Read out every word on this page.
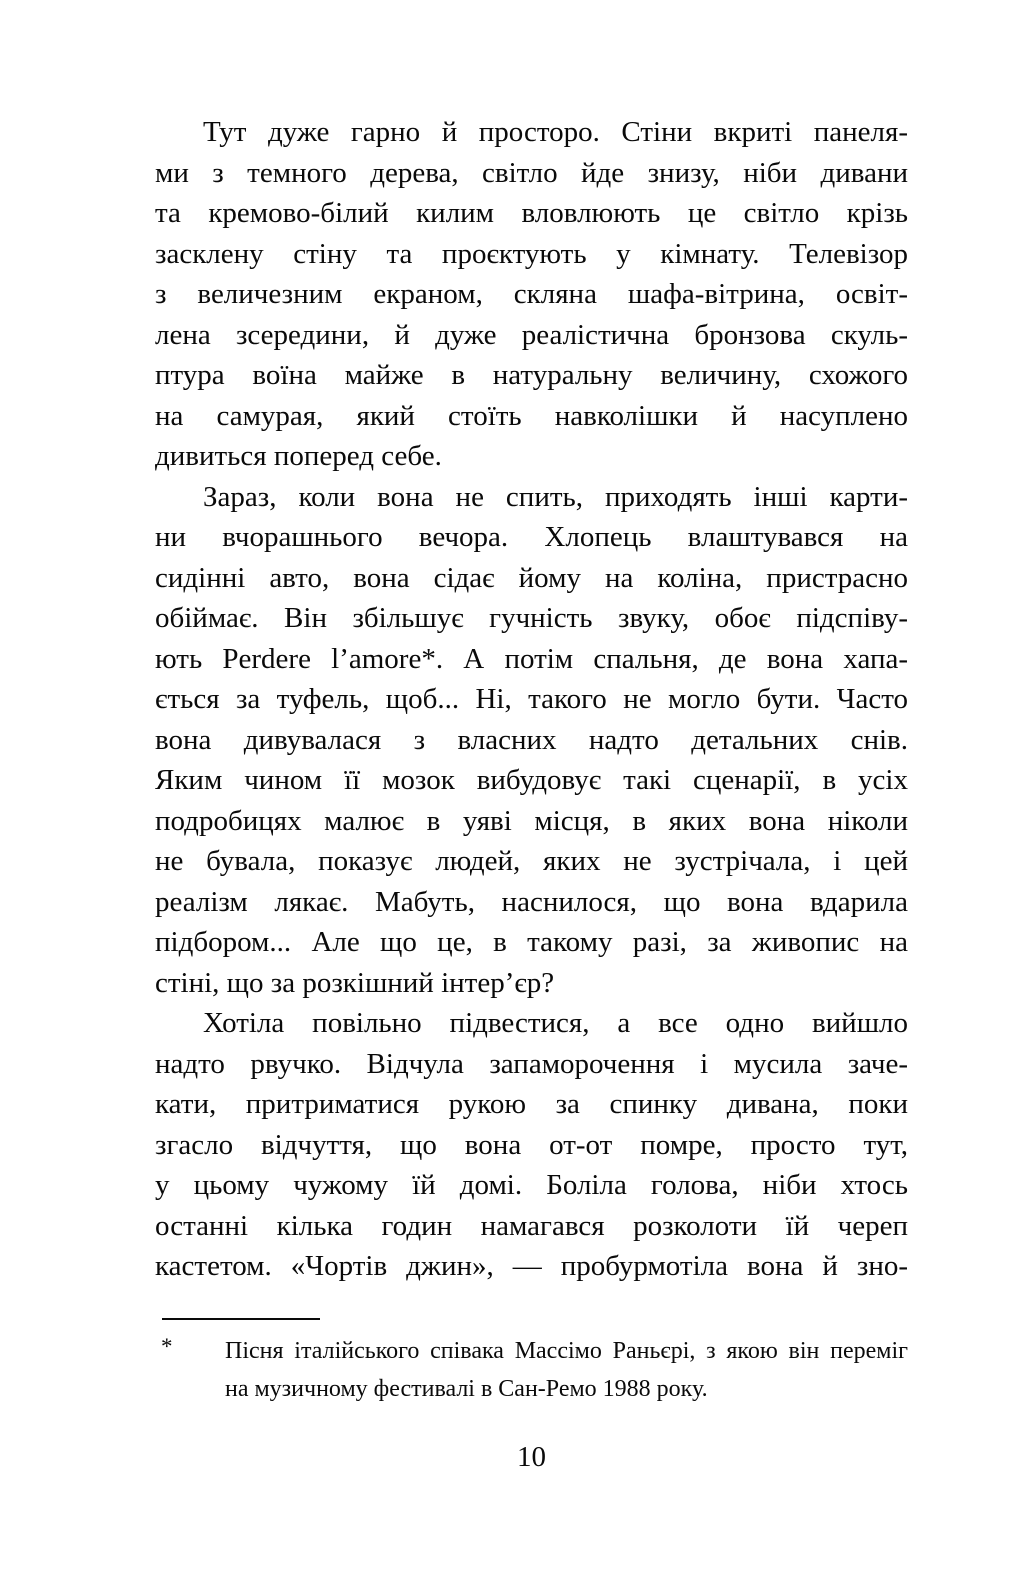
Тут дуже гарно й просторо. Стіни вкриті панеля-
ми з темного дерева, світло йде знизу, ніби дивани
та кремово-білий килим вловлюють це світло крізь
засклену стіну та проєктують у кімнату. Телевізор
з величезним екраном, скляна шафа-вітрина, освіт-
лена зсередини, й дуже реалістична бронзова скуль-
птура воїна майже в натуральну величину, схожого
на самурая, який стоїть навколішки й насуплено
дивиться поперед себе.
Зараз, коли вона не спить, приходять інші карти-
ни вчорашнього вечора. Хлопець влаштувався на
сидінні авто, вона сідає йому на коліна, пристрасно
обіймає. Він збільшує гучність звуку, обоє підспіву-
ють Perdere l’amore*. А потім спальня, де вона хапа-
ється за туфель, щоб... Ні, такого не могло бути. Часто
вона дивувалася з власних надто детальних снів.
Яким чином її мозок вибудовує такі сценарії, в усіх
подробицях малює в уяві місця, в яких вона ніколи
не бувала, показує людей, яких не зустрічала, і цей
реалізм лякає. Мабуть, наснилося, що вона вдарила
підбором... Але що це, в такому разі, за живопис на
стіні, що за розкішний інтер’єр?
Хотіла повільно підвестися, а все одно вийшло
надто рвучко. Відчула запаморочення і мусила заче-
кати, притриматися рукою за спинку дивана, поки
згасло відчуття, що вона от-от помре, просто тут,
у цьому чужому їй домі. Боліла голова, ніби хтось
останні кілька годин намагався розколоти їй череп
кастетом. «Чортів джин», — пробурмотіла вона й зно-
* Пісня італійського співака Массімо Раньєрі, з якою він переміг
на музичному фестивалі в Сан-Ремо 1988 року.
10
